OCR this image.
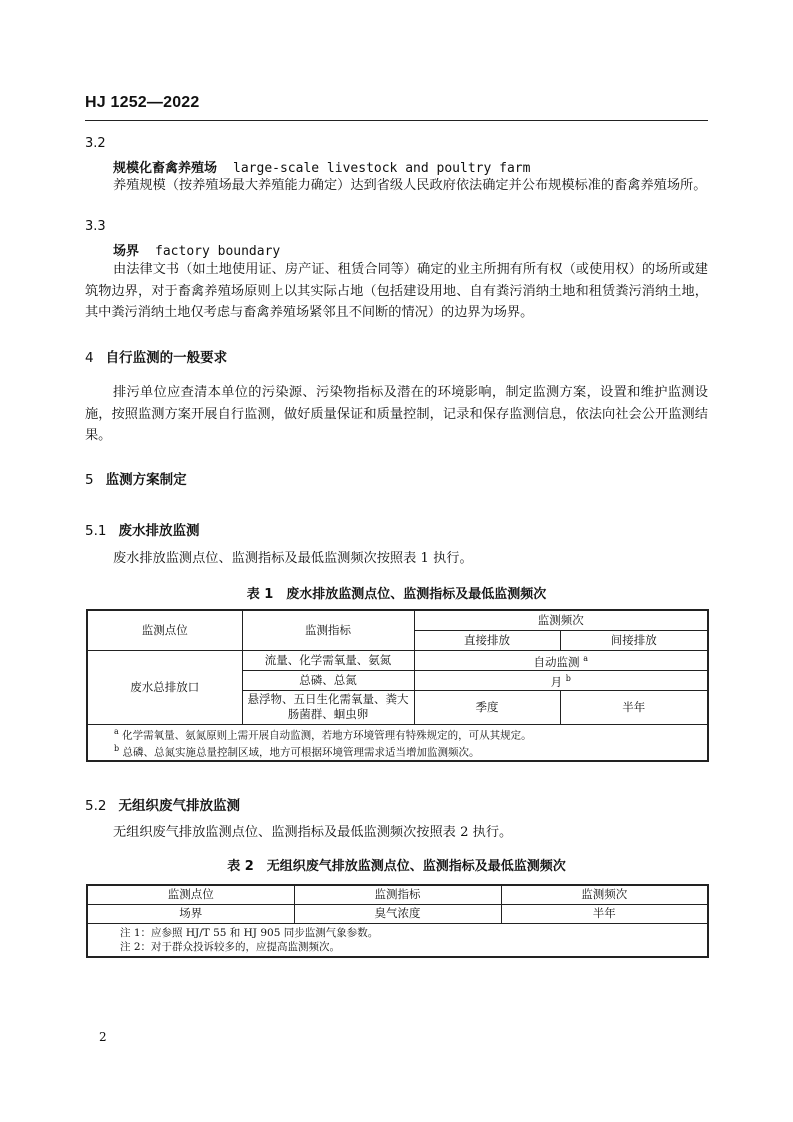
HJ 1252—2022
3.2
规模化畜禽养殖场 large-scale livestock and poultry farm
养殖规模（按养殖场最大养殖能力确定）达到省级人民政府依法确定并公布规模标准的畜禽养殖场所。
3.3
场界 factory boundary
由法律文书（如土地使用证、房产证、租赁合同等）确定的业主所拥有所有权（或使用权）的场所或建筑物边界，对于畜禽养殖场原则上以其实际占地（包括建设用地、自有粪污消纳土地和租赁粪污消纳土地，其中粪污消纳土地仅考虑与畜禽养殖场紧邻且不间断的情况）的边界为场界。
4 自行监测的一般要求
排污单位应查清本单位的污染源、污染物指标及潜在的环境影响，制定监测方案，设置和维护监测设施，按照监测方案开展自行监测，做好质量保证和质量控制，记录和保存监测信息，依法向社会公开监测结果。
5 监测方案制定
5.1 废水排放监测
废水排放监测点位、监测指标及最低监测频次按照表 1 执行。
表 1　废水排放监测点位、监测指标及最低监测频次
监测点位	监测指标	监测频次	
		直接排放	间接排放
废水总排放口	流量、化学需氧量、氨氮	自动监测 $^a$
	总磷、总氮	月 $^b$
	悬浮物、五日生化需氧量、粪大肠菌群、蛔虫卵	季度	半年

$^a$ 化学需氧量、氨氮原则上需开展自动监测，若地方环境管理有特殊规定的，可从其规定。
$^b$ 总磷、总氮实施总量控制区域，地方可根据环境管理需求适当增加监测频次。			
5.2 无组织废气排放监测
无组织废气排放监测点位、监测指标及最低监测频次按照表 2 执行。
表 2　无组织废气排放监测点位、监测指标及最低监测频次
监测点位	监测指标	监测频次
场界	臭气浓度	半年

注 1：应参照 HJ/T 55 和 HJ 905 同步监测气象参数。
注 2：对于群众投诉较多的，应提高监测频次。		
2
